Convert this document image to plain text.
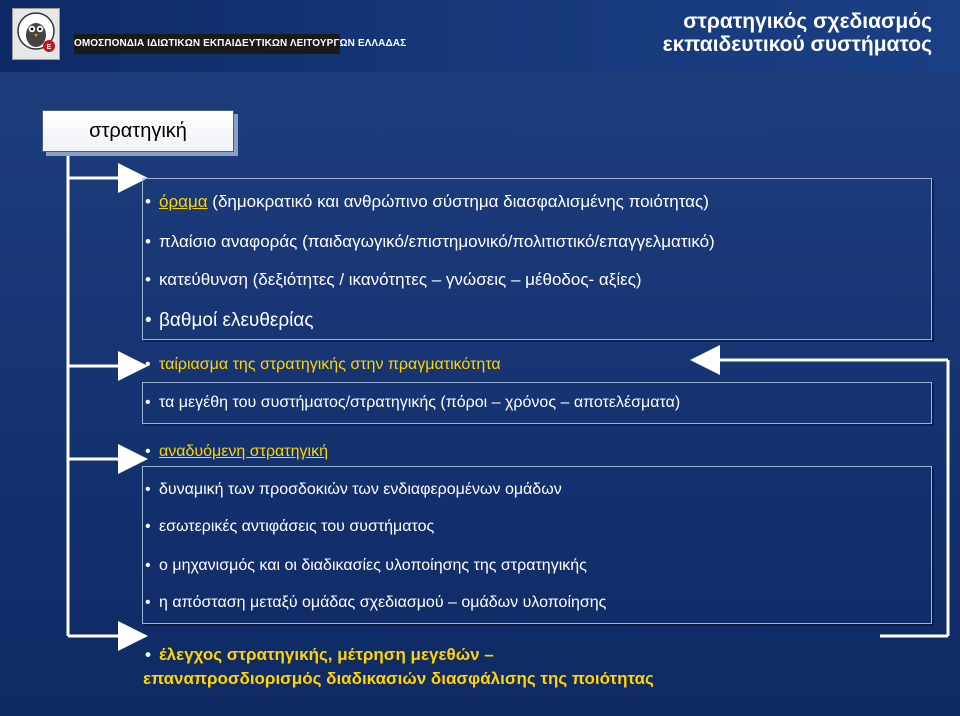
Ε ΟΜΟΣΠΟΝΔΙΑ ΙΔΙΩΤΙΚΩΝ ΕΚΠΑΙΔΕΥΤΙΚΩΝ ΛΕΙΤΟΥΡΓΩΝ ΕΛΛΑΔΑΣ
στρατηγικός σχεδιασμός
εκπαιδευτικού συστήματος
στρατηγική
• όραμα (δημοκρατικό και ανθρώπινο σύστημα διασφαλισμένης ποιότητας)
• πλαίσιο αναφοράς (παιδαγωγικό/επιστημονικό/πολιτιστικό/επαγγελματικό)
• κατεύθυνση (δεξιότητες / ικανότητες – γνώσεις – μέθοδος- αξίες)
• βαθμοί ελευθερίας
• ταίριασμα της στρατηγικής στην πραγματικότητα
• τα μεγέθη του συστήματος/στρατηγικής (πόροι – χρόνος – αποτελέσματα)
• αναδυόμενη στρατηγική
• δυναμική των προσδοκιών των ενδιαφερομένων ομάδων
• εσωτερικές αντιφάσεις του συστήματος
• ο μηχανισμός και οι διαδικασίες υλοποίησης της στρατηγικής
• η απόσταση μεταξύ ομάδας σχεδιασμού – ομάδων υλοποίησης
• έλεγχος στρατηγικής, μέτρηση μεγεθών –
επαναπροσδιορισμός διαδικασιών διασφάλισης της ποιότητας
